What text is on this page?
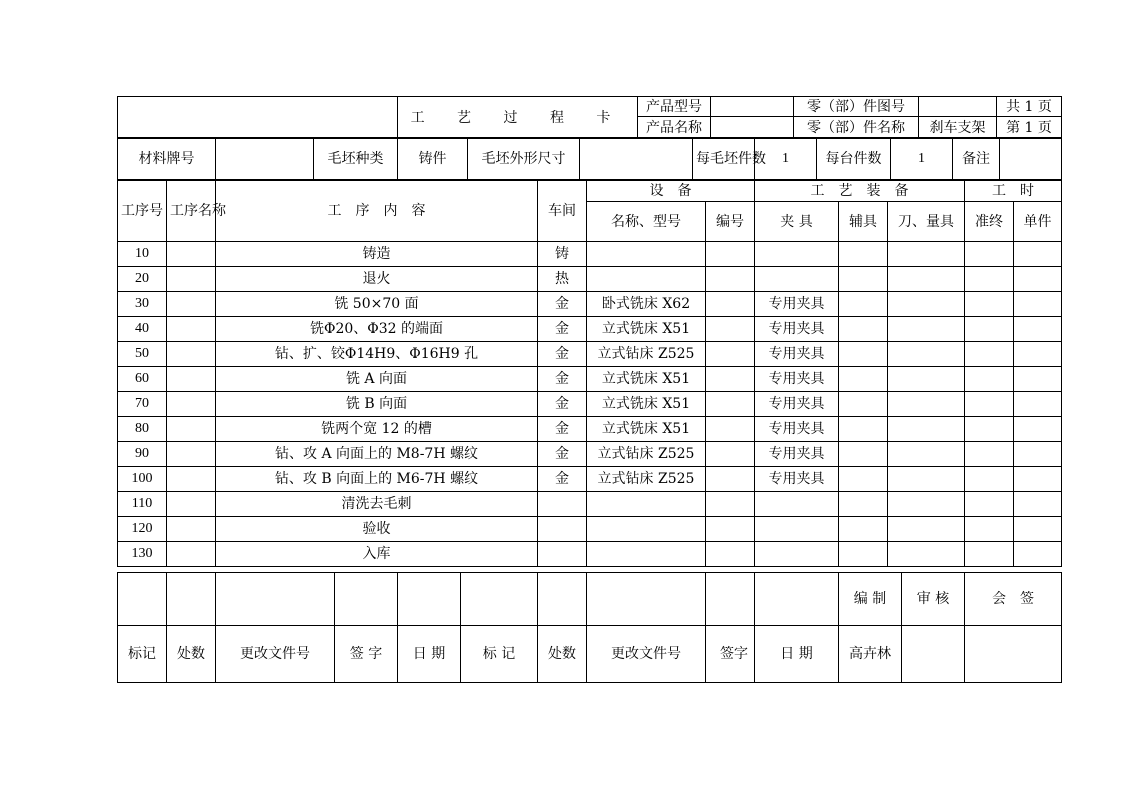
	工 艺 过 程 卡	产品型号		零（部）件图号		共 1 页
		产品名称		零（部）件名称	刹车支架	第 1 页
材料牌号		毛坯种类	铸件	毛坯外形尺寸		每毛坯件数	1	每台件数	1	备注	
工序号	工序名称	工　序　内　容	车间	设　备		工　艺　装　备			工　时	
				名称、型号	编号	夹 具	辅具	刀、量具	准终	单件
10		铸造	铸							
20		退火	热							
30		铣 50×70 面	金	卧式铣床 X62		专用夹具				
40		铣Φ20、Φ32 的端面	金	立式铣床 X51		专用夹具				
50		钻、扩、铰Φ14H9、Φ16H9 孔	金	立式钻床 Z525		专用夹具				
60		铣 A 向面	金	立式铣床 X51		专用夹具				
70		铣 B 向面	金	立式铣床 X51		专用夹具				
80		铣两个宽 12 的槽	金	立式铣床 X51		专用夹具				
90		钻、攻 A 向面上的 M8-7H 螺纹	金	立式钻床 Z525		专用夹具				
100		钻、攻 B 向面上的 M6-7H 螺纹	金	立式钻床 Z525		专用夹具				
110		清洗去毛刺								
120		验收								
130		入库								
										编 制	审 核	会　签
标记	处数	更改文件号	签 字	日 期	标 记	处数	更改文件号	签字	日 期	高卉林		
